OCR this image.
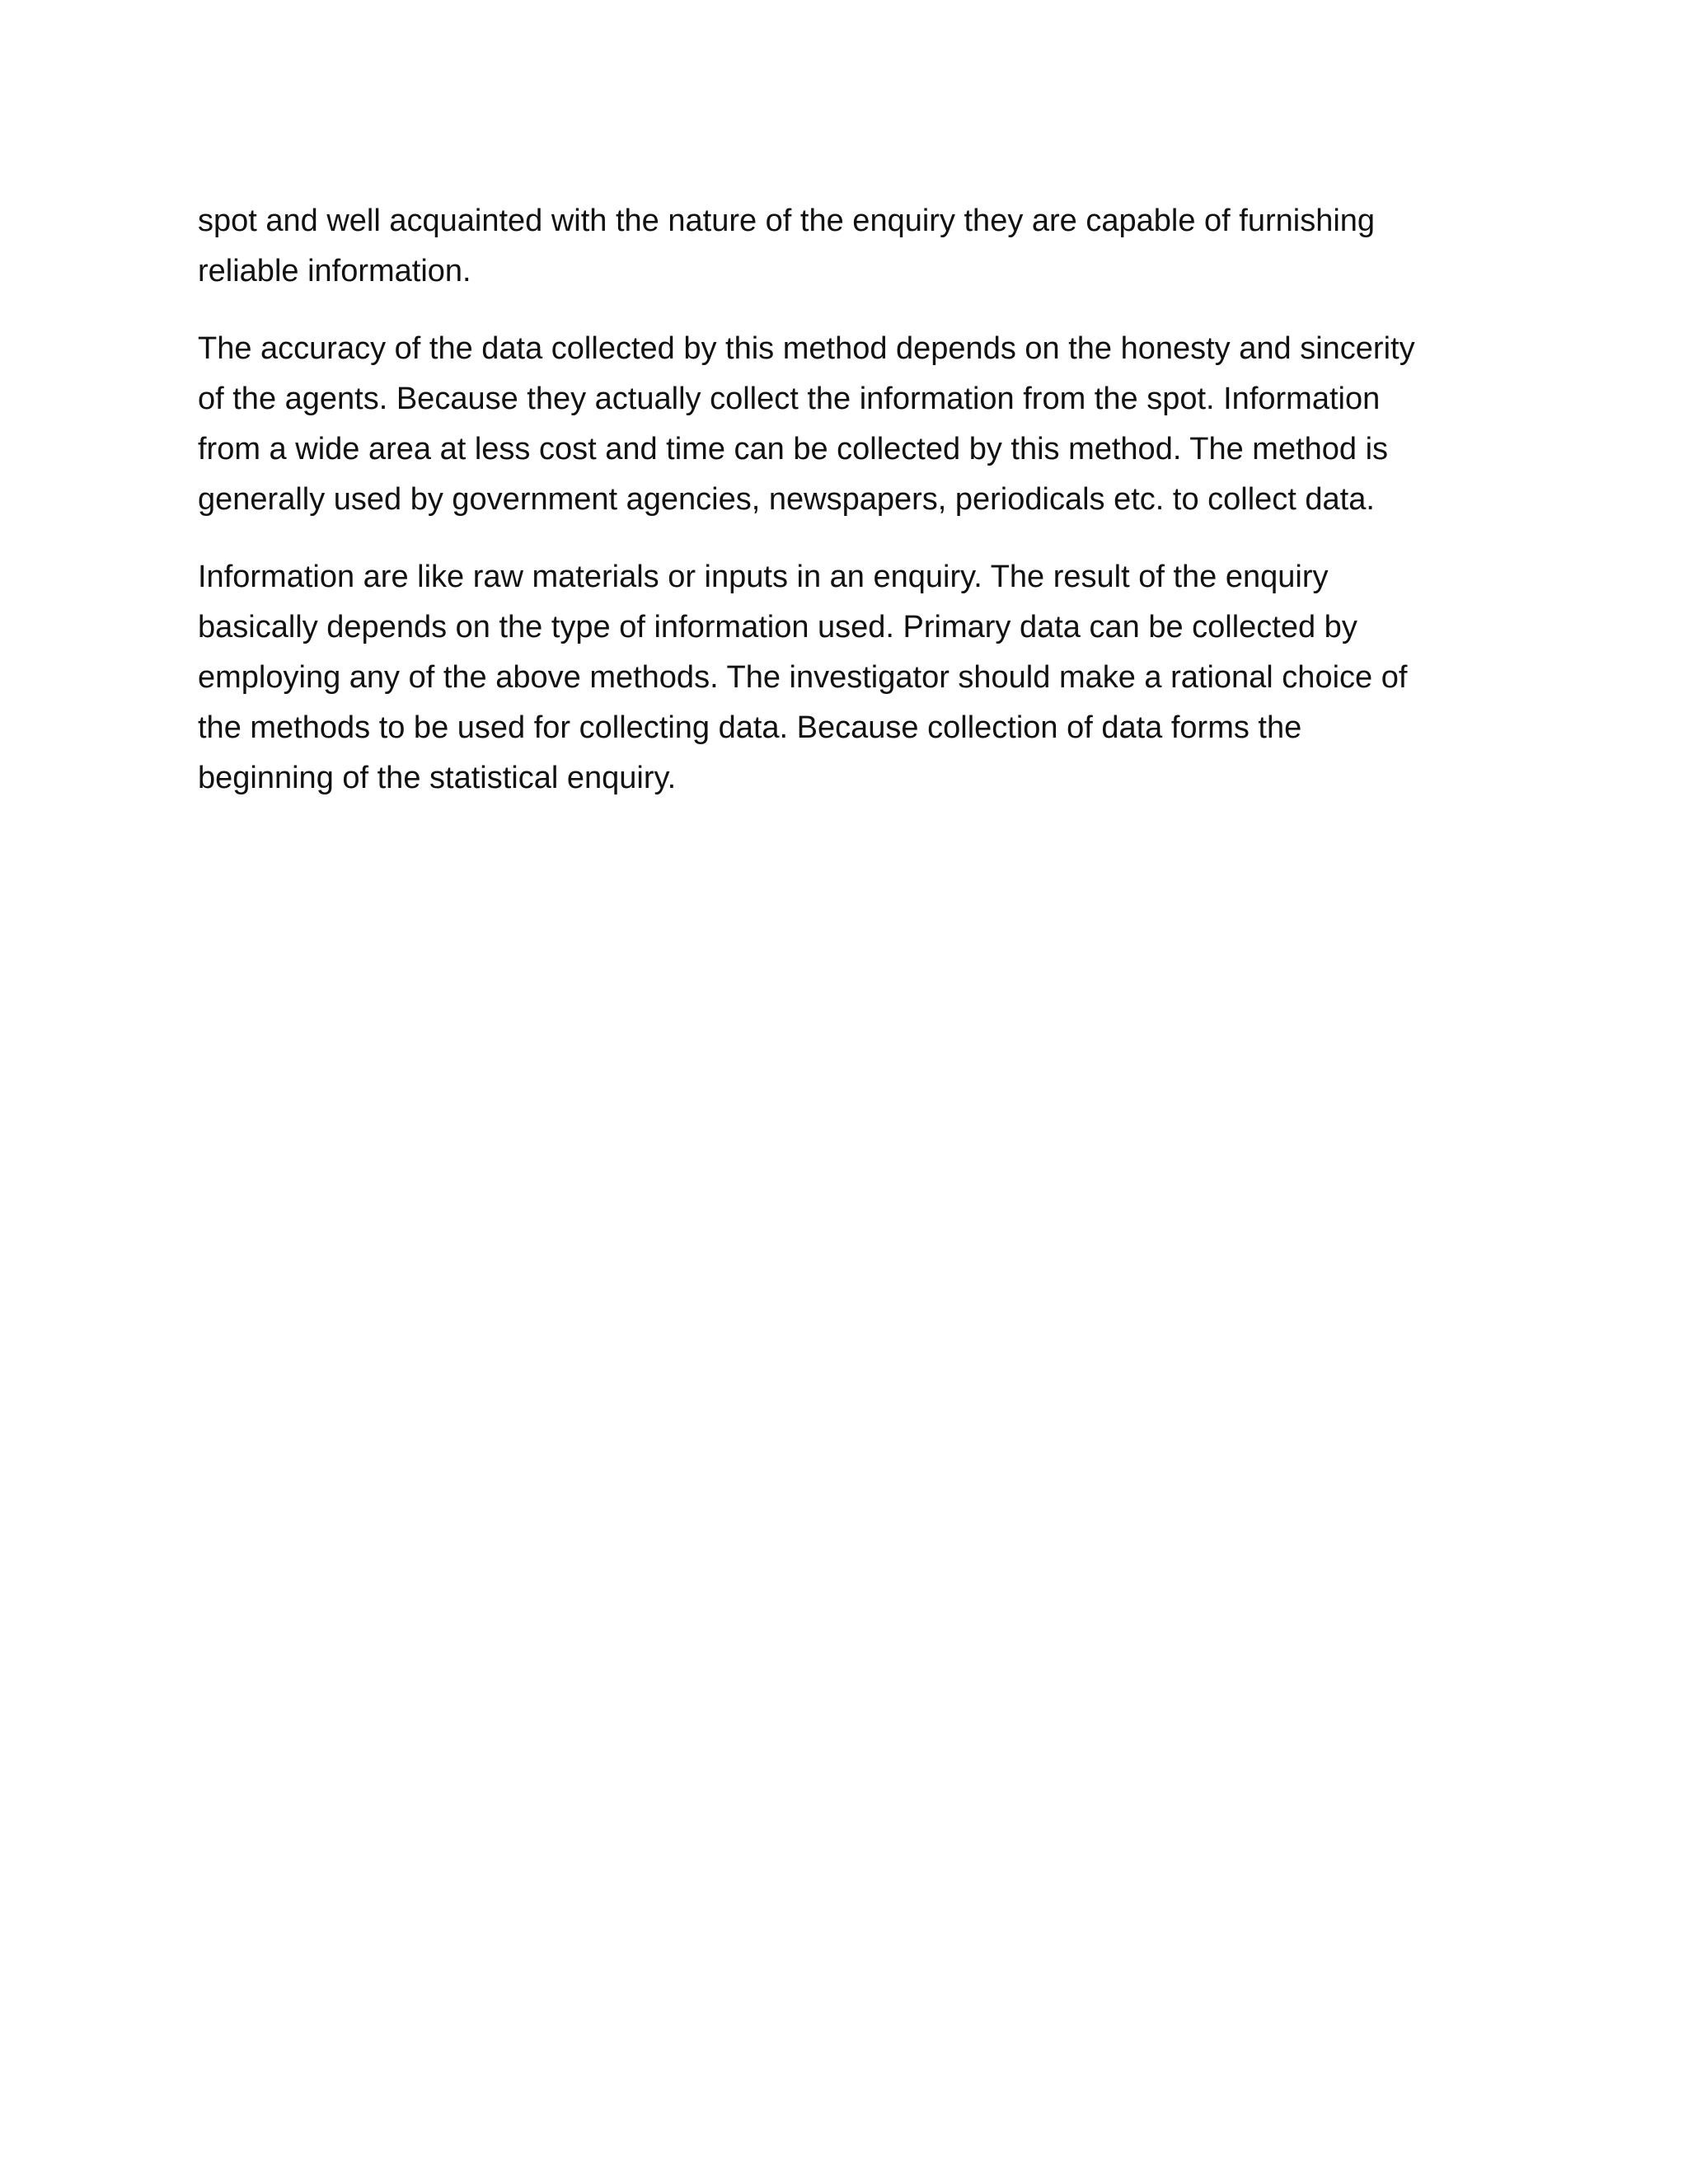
spot and well acquainted with the nature of the enquiry they are capable of furnishing
reliable information.
The accuracy of the data collected by this method depends on the honesty and sincerity
of the agents. Because they actually collect the information from the spot. Information
from a wide area at less cost and time can be collected by this method. The method is
generally used by government agencies, newspapers, periodicals etc. to collect data.
Information are like raw materials or inputs in an enquiry. The result of the enquiry
basically depends on the type of information used. Primary data can be collected by
employing any of the above methods. The investigator should make a rational choice of
the methods to be used for collecting data. Because collection of data forms the
beginning of the statistical enquiry.
